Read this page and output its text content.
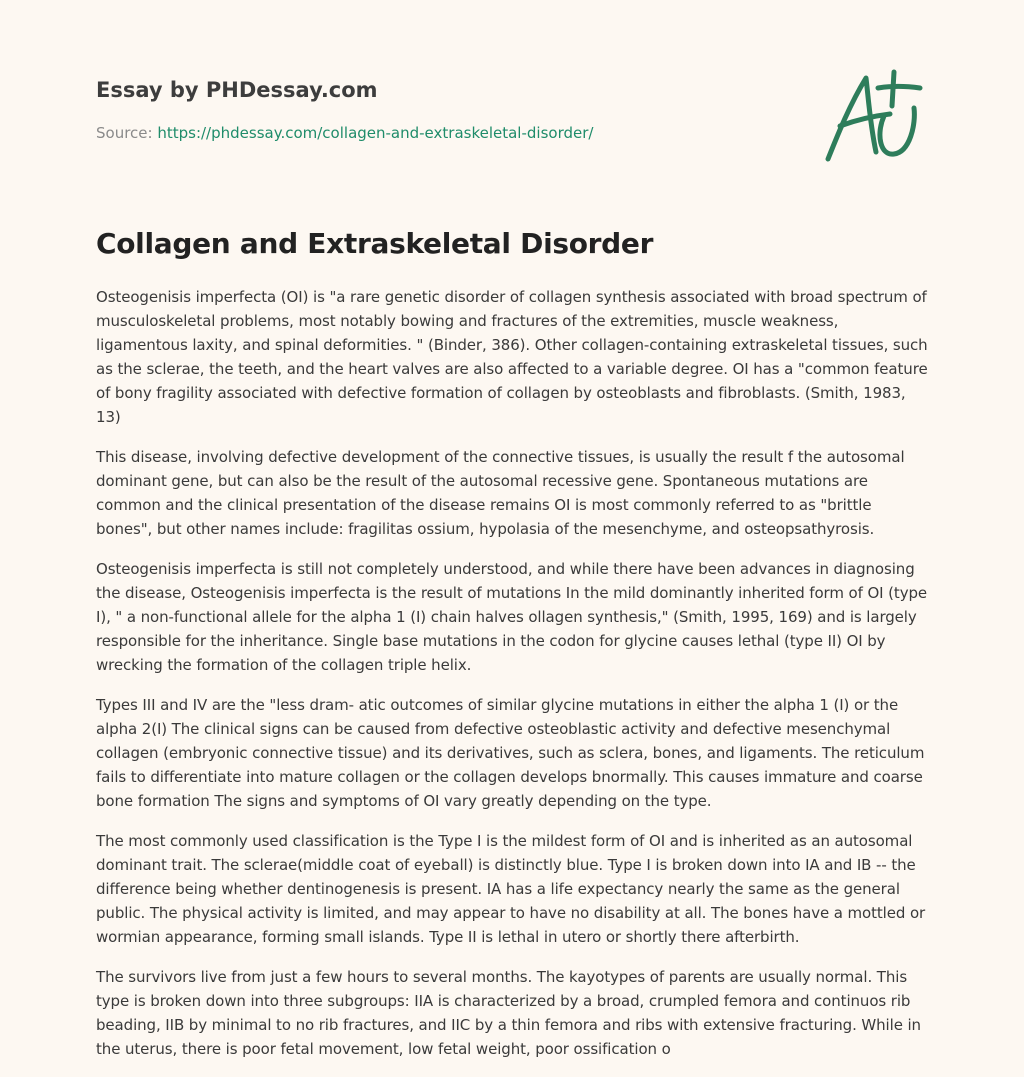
Essay by PHDessay.com

Source: https://phdessay.com/collagen-and-extraskeletal-disorder/

Collagen and Extraskeletal Disorder

Osteogenisis imperfecta (OI) is "a rare genetic disorder of collagen synthesis associated with broad spectrum of musculoskeletal problems, most notably bowing and fractures of the extremities, muscle weakness, ligamentous laxity, and spinal deformities. " (Binder, 386). Other collagen-containing extraskeletal tissues, such as the sclerae, the teeth, and the heart valves are also affected to a variable degree. OI has a "common feature of bony fragility associated with defective formation of collagen by osteoblasts and fibroblasts. (Smith, 1983, 13)

This disease, involving defective development of the connective tissues, is usually the result f the autosomal dominant gene, but can also be the result of the autosomal recessive gene. Spontaneous mutations are common and the clinical presentation of the disease remains OI is most commonly referred to as "brittle bones", but other names include: fragilitas ossium, hypolasia of the mesenchyme, and osteopsathyrosis.

Osteogenisis imperfecta is still not completely understood, and while there have been advances in diagnosing the disease, Osteogenisis imperfecta is the result of mutations In the mild dominantly inherited form of OI (type I), " a non-functional allele for the alpha 1 (I) chain halves ollagen synthesis," (Smith, 1995, 169) and is largely responsible for the inheritance. Single base mutations in the codon for glycine causes lethal (type II) OI by wrecking the formation of the collagen triple helix.

Types III and IV are the "less dram- atic outcomes of similar glycine mutations in either the alpha 1 (I) or the alpha 2(I) The clinical signs can be caused from defective osteoblastic activity and defective mesenchymal collagen (embryonic connective tissue) and its derivatives, such as sclera, bones, and ligaments. The reticulum fails to differentiate into mature collagen or the collagen develops bnormally. This causes immature and coarse bone formation The signs and symptoms of OI vary greatly depending on the type.

The most commonly used classification is the Type I is the mildest form of OI and is inherited as an autosomal dominant trait. The sclerae(middle coat of eyeball) is distinctly blue. Type I is broken down into IA and IB -- the difference being whether dentinogenesis is present. IA has a life expectancy nearly the same as the general public. The physical activity is limited, and may appear to have no disability at all. The bones have a mottled or wormian appearance, forming small islands. Type II is lethal in utero or shortly there afterbirth.

The survivors live from just a few hours to several months. The kayotypes of parents are usually normal. This type is broken down into three subgroups: IIA is characterized by a broad, crumpled femora and continuos rib beading, IIB by minimal to no rib fractures, and IIC by a thin femora and ribs with extensive fracturing. While in the uterus, there is poor fetal movement, low fetal weight, poor ossification o
